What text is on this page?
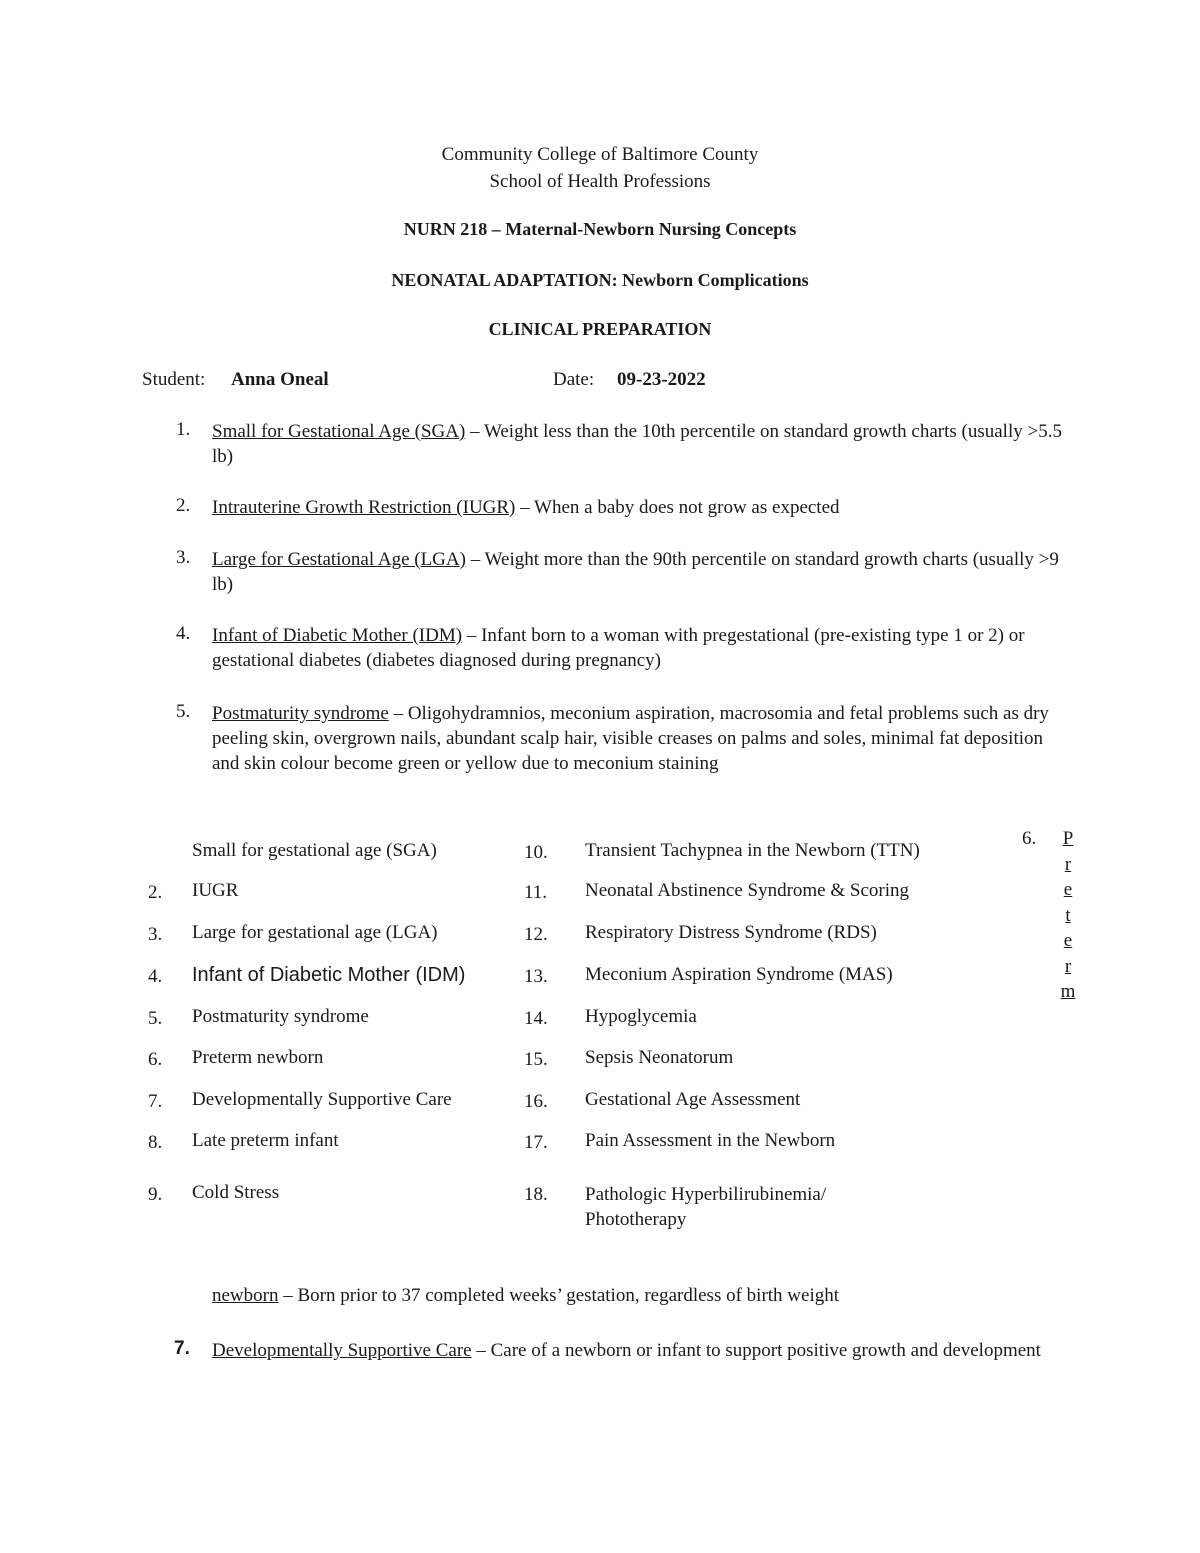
Community College of Baltimore County
School of Health Professions
NURN 218 – Maternal-Newborn Nursing Concepts
NEONATAL ADAPTATION: Newborn Complications
CLINICAL PREPARATION
Student: Anna Oneal	Date: 09-23-2022
1. Small for Gestational Age (SGA) – Weight less than the 10th percentile on standard growth charts (usually >5.5 lb)
2. Intrauterine Growth Restriction (IUGR) – When a baby does not grow as expected
3. Large for Gestational Age (LGA) – Weight more than the 90th percentile on standard growth charts (usually >9 lb)
4. Infant of Diabetic Mother (IDM) – Infant born to a woman with pregestational (pre-existing type 1 or 2) or gestational diabetes (diabetes diagnosed during pregnancy)
5. Postmaturity syndrome – Oligohydramnios, meconium aspiration, macrosomia and fetal problems such as dry peeling skin, overgrown nails, abundant scalp hair, visible creases on palms and soles, minimal fat deposition and skin colour become green or yellow due to meconium staining
Small for gestational age (SGA)
2. IUGR
3. Large for gestational age (LGA)
4. Infant of Diabetic Mother (IDM)
5. Postmaturity syndrome
6. Preterm newborn
7. Developmentally Supportive Care
8. Late preterm infant
9. Cold Stress
10. Transient Tachypnea in the Newborn (TTN)
11. Neonatal Abstinence Syndrome & Scoring
12. Respiratory Distress Syndrome (RDS)
13. Meconium Aspiration Syndrome (MAS)
14. Hypoglycemia
15. Sepsis Neonatorum
16. Gestational Age Assessment
17. Pain Assessment in the Newborn
18. Pathologic Hyperbilirubinemia/ Phototherapy
6. P
r
e
t
e
r
m
newborn – Born prior to 37 completed weeks’ gestation, regardless of birth weight
7. Developmentally Supportive Care – Care of a newborn or infant to support positive growth and development
